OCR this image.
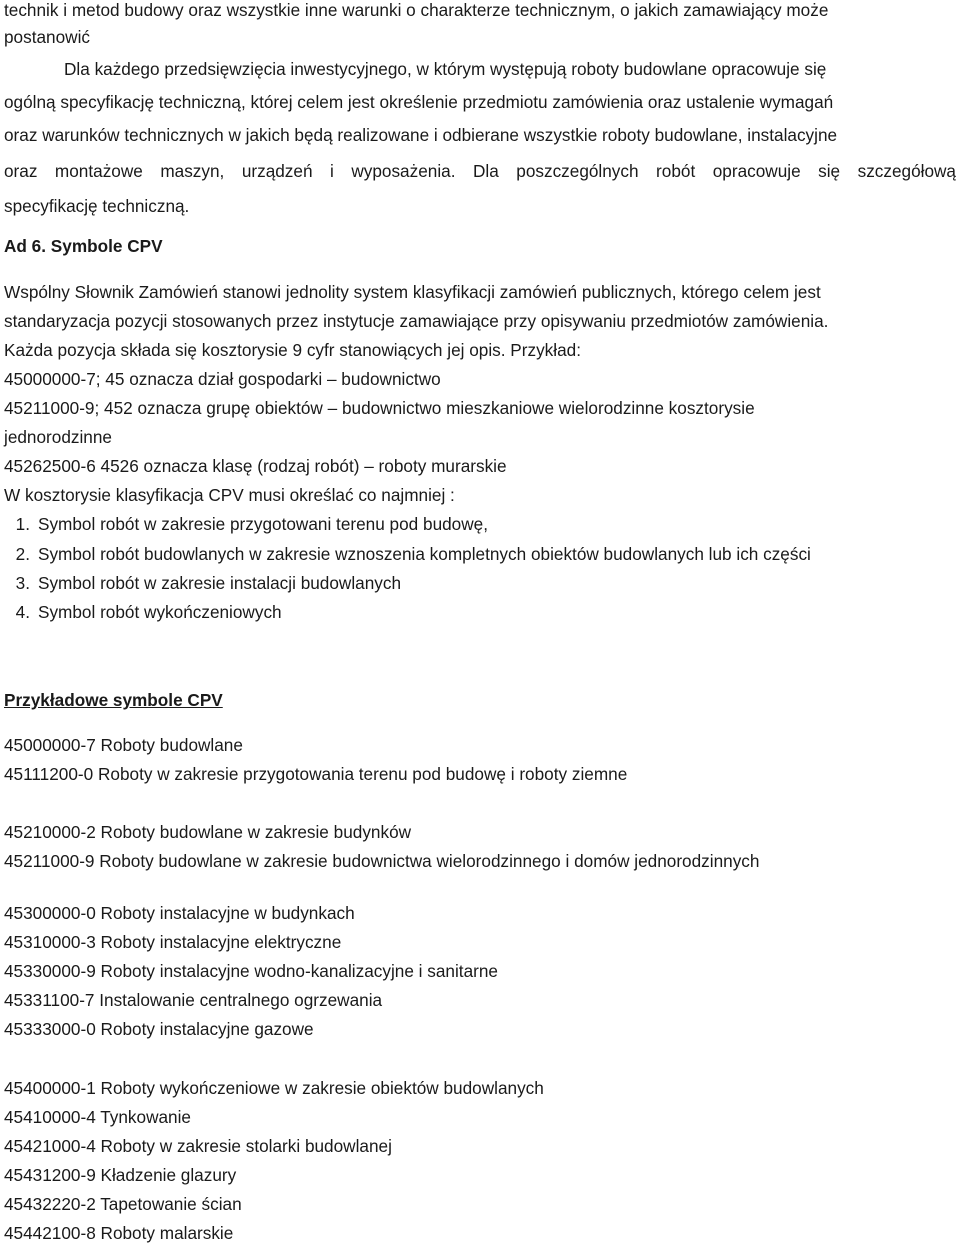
technik i metod budowy oraz wszystkie inne warunki o charakterze technicznym, o jakich zamawiający może
postanowić
Dla każdego przedsięwzięcia inwestycyjnego, w którym występują roboty budowlane opracowuje się
ogólną specyfikację techniczną, której celem jest określenie przedmiotu zamówienia oraz ustalenie wymagań
oraz warunków technicznych w jakich będą realizowane i odbierane wszystkie roboty budowlane, instalacyjne
oraz montażowe maszyn, urządzeń i wyposażenia. Dla poszczególnych robót opracowuje się szczegółową
specyfikację techniczną.
Ad 6. Symbole CPV
Wspólny Słownik Zamówień stanowi jednolity system klasyfikacji zamówień publicznych, którego celem jest
standaryzacja pozycji stosowanych przez instytucje zamawiające przy opisywaniu przedmiotów zamówienia.
Każda pozycja składa się kosztorysie 9 cyfr stanowiących jej opis. Przykład:
45000000-7; 45 oznacza dział gospodarki – budownictwo
45211000-9; 452 oznacza grupę obiektów – budownictwo mieszkaniowe wielorodzinne kosztorysie
jednorodzinne
45262500-6 4526 oznacza klasę (rodzaj robót) – roboty murarskie
W kosztorysie klasyfikacja CPV musi określać co najmniej :
1. Symbol robót w zakresie przygotowani terenu pod budowę,
2. Symbol robót budowlanych w zakresie wznoszenia kompletnych obiektów budowlanych lub ich części
3. Symbol robót w zakresie instalacji budowlanych
4. Symbol robót wykończeniowych
Przykładowe symbole CPV
45000000-7 Roboty budowlane
45111200-0 Roboty w zakresie przygotowania terenu pod budowę i roboty ziemne
45210000-2 Roboty budowlane w zakresie budynków
45211000-9 Roboty budowlane w zakresie budownictwa wielorodzinnego i domów jednorodzinnych
45300000-0 Roboty instalacyjne w budynkach
45310000-3 Roboty instalacyjne elektryczne
45330000-9 Roboty instalacyjne wodno-kanalizacyjne i sanitarne
45331100-7 Instalowanie centralnego ogrzewania
45333000-0 Roboty instalacyjne gazowe
45400000-1 Roboty wykończeniowe w zakresie obiektów budowlanych
45410000-4 Tynkowanie
45421000-4 Roboty w zakresie stolarki budowlanej
45431200-9 Kładzenie glazury
45432220-2 Tapetowanie ścian
45442100-8 Roboty malarskie
